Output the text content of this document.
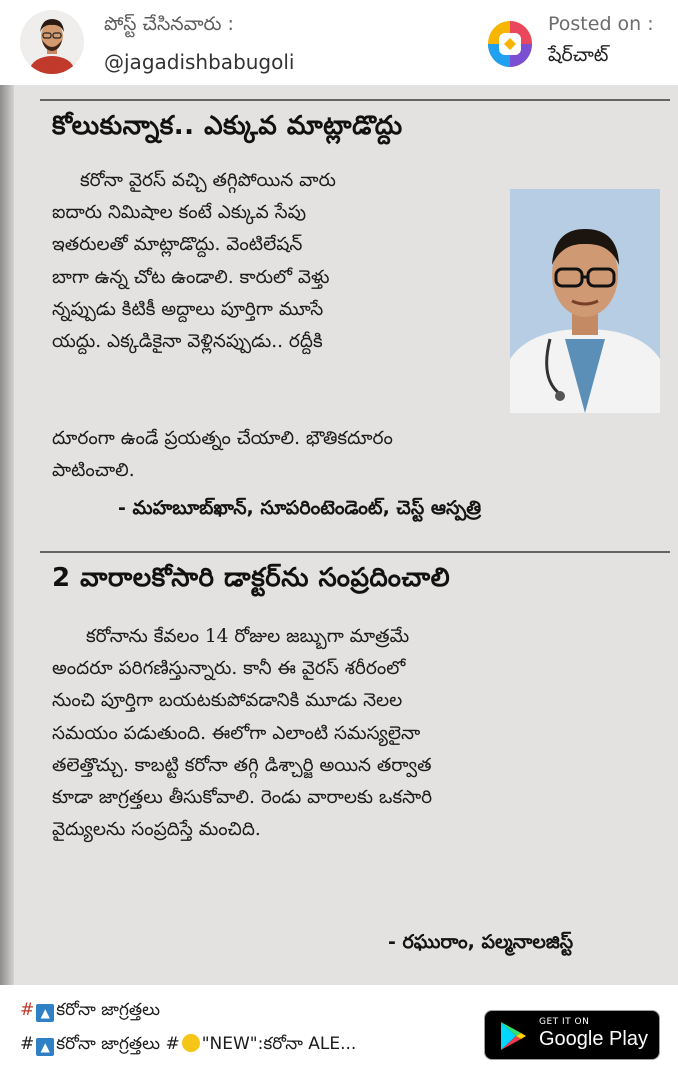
పోస్ట్ చేసినవారు :
@jagadishbabugoli
Posted on :
షేర్‌చాట్
కోలుకున్నాక.. ఎక్కువ మాట్లాడొద్దు
కరోనా వైరస్ వచ్చి తగ్గిపోయిన వారు
ఐదారు నిమిషాల కంటే ఎక్కువ సేపు
ఇతరులతో మాట్లాడొద్దు. వెంటిలేషన్
బాగా ఉన్న చోట ఉండాలి. కారులో వెళ్తు
న్నప్పుడు కిటికీ అద్దాలు పూర్తిగా మూసే
యద్దు. ఎక్కడికైనా వెళ్లినప్పుడు.. రద్దీకి
దూరంగా ఉండే ప్రయత్నం చేయాలి. భౌతికదూరం
పాటించాలి.
- మహబూబ్‌ఖాన్, సూపరింటెండెంట్, చెస్ట్ ఆస్పత్రి
2 వారాలకోసారి డాక్టర్‌ను సంప్రదించాలి
కరోనాను కేవలం 14 రోజుల జబ్బుగా మాత్రమే
అందరూ పరిగణిస్తున్నారు. కానీ ఈ వైరస్ శరీరంలో
నుంచి పూర్తిగా బయటకుపోవడానికి మూడు నెలల
సమయం పడుతుంది. ఈలోగా ఎలాంటి సమస్యలైనా
తలెత్తొచ్చు. కాబట్టి కరోనా తగ్గి డిశ్చార్జి అయిన తర్వాత
కూడా జాగ్రత్తలు తీసుకోవాలి. రెండు వారాలకు ఒకసారి
వైద్యులను సంప్రదిస్తే మంచిది.
- రఘురాం, పల్మనాలజిస్ట్
# ▲ కరోనా జాగ్రత్తలు
# ▲ కరోనా జాగ్రత్తలు # "NEW":కరోనా ALE...
GET IT ON
Google Play
